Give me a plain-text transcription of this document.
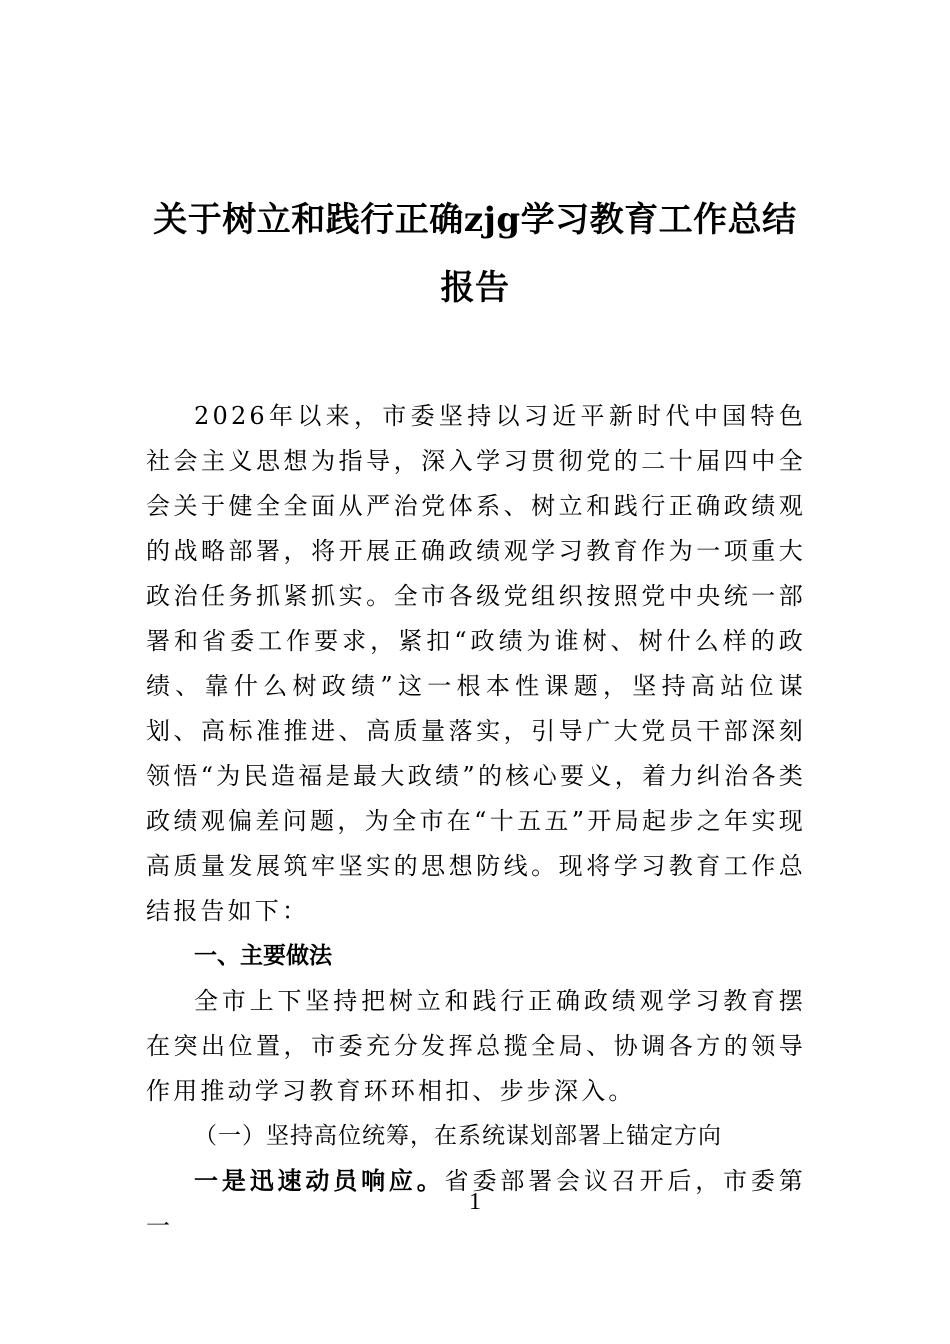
关于树立和践行正确zjg学习教育工作总结
报告

2026年以来，市委坚持以习近平新时代中国特色社会主义思想为指导，深入学习贯彻党的二十届四中全会关于健全全面从严治党体系、树立和践行正确政绩观的战略部署，将开展正确政绩观学习教育作为一项重大政治任务抓紧抓实。全市各级党组织按照党中央统一部署和省委工作要求，紧扣“政绩为谁树、树什么样的政绩、靠什么树政绩”这一根本性课题，坚持高站位谋划、高标准推进、高质量落实，引导广大党员干部深刻领悟“为民造福是最大政绩”的核心要义，着力纠治各类政绩观偏差问题，为全市在“十五五”开局起步之年实现高质量发展筑牢坚实的思想防线。现将学习教育工作总结报告如下：

一、主要做法

全市上下坚持把树立和践行正确政绩观学习教育摆在突出位置，市委充分发挥总揽全局、协调各方的领导作用推动学习教育环环相扣、步步深入。

（一）坚持高位统筹，在系统谋划部署上锚定方向

一是迅速动员响应。省委部署会议召开后，市委第一

1
